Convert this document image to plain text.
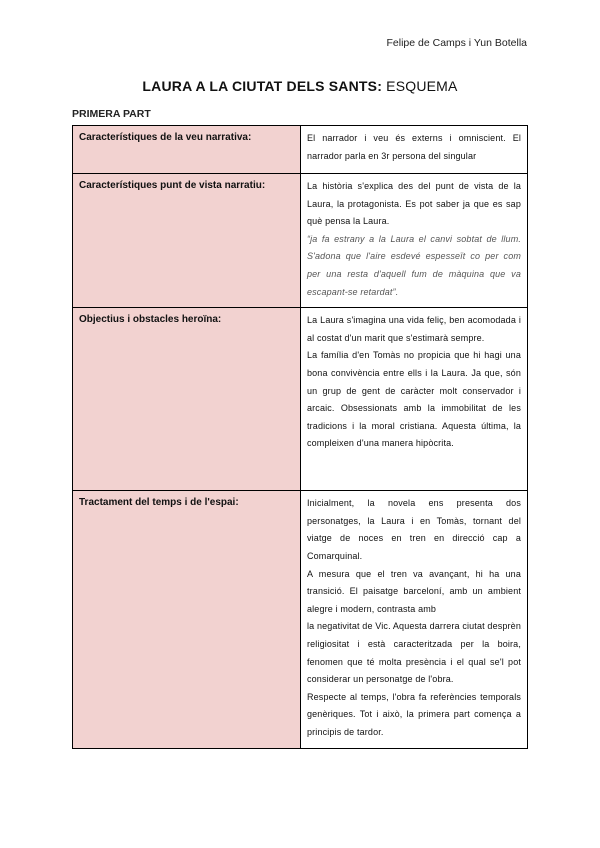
Felipe de Camps i Yun Botella
LAURA A LA CIUTAT DELS SANTS: ESQUEMA
PRIMERA PART
Característiques de la veu narrativa:	El narrador i veu és externs i omniscient. El narrador parla en 3r persona del singular

Característiques punt de vista narratiu:	La història s'explica des del punt de vista de la Laura, la protagonista. Es pot saber ja que es sap què pensa la Laura.

“ja fa estrany a la Laura el canvi sobtat de llum. S'adona que l'aire esdevé espesseït co per com per una resta d'aquell fum de màquina que va escapant-se retardat”.

Objectius i obstacles heroïna:	La Laura s'imagina una vida feliç, ben acomodada i al costat d'un marit que s'estimarà sempre.

La família d'en Tomàs no propicia que hi hagi una bona convivència entre ells i la Laura. Ja que, són un grup de gent de caràcter molt conservador i arcaic. Obsessionats amb la immobilitat de les tradicions i la moral cristiana. Aquesta última, la compleixen d'una manera hipòcrita.

Tractament del temps i de l'espai:	Inicialment, la novela ens presenta dos personatges, la Laura i en Tomàs, tornant del viatge de noces en tren en direcció cap a Comarquinal.

A mesura que el tren va avançant, hi ha una transició. El paisatge barceloní, amb un ambient alegre i modern, contrasta amb

la negativitat de Vic. Aquesta darrera ciutat desprèn religiositat i està caracteritzada per la boira, fenomen que té molta presència i el qual se'l pot considerar un personatge de l'obra.

Respecte al temps, l'obra fa referències temporals genèriques. Tot i això, la primera part comença a principis de tardor.
